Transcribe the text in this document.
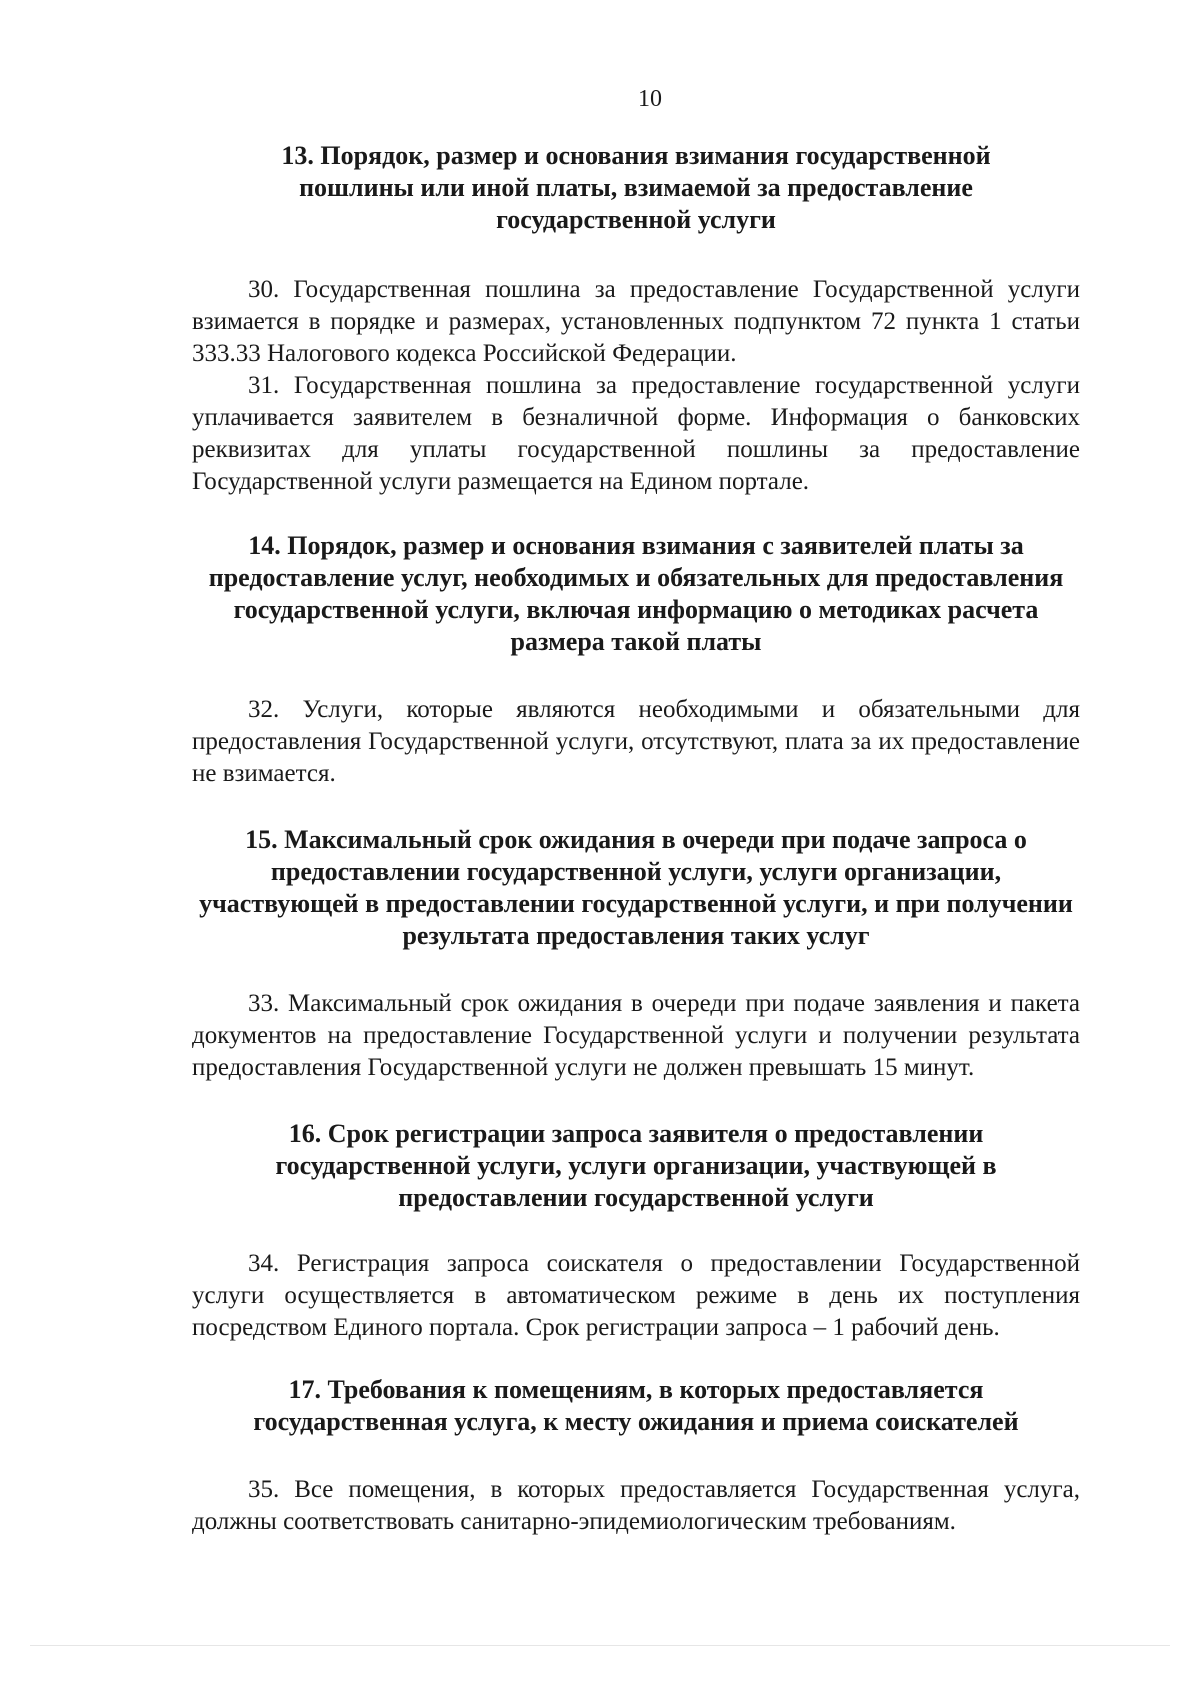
10

13. Порядок, размер и основания взимания государственной пошлины или иной платы, взимаемой за предоставление государственной услуги

30. Государственная пошлина за предоставление Государственной услуги взимается в порядке и размерах, установленных подпунктом 72 пункта 1 статьи 333.33 Налогового кодекса Российской Федерации.

31. Государственная пошлина за предоставление государственной услуги уплачивается заявителем в безналичной форме. Информация о банковских реквизитах для уплаты государственной пошлины за предоставление Государственной услуги размещается на Едином портале.

14. Порядок, размер и основания взимания с заявителей платы за предоставление услуг, необходимых и обязательных для предоставления государственной услуги, включая информацию о методиках расчета размера такой платы

32. Услуги, которые являются необходимыми и обязательными для предоставления Государственной услуги, отсутствуют, плата за их предоставление не взимается.

15. Максимальный срок ожидания в очереди при подаче запроса о предоставлении государственной услуги, услуги организации, участвующей в предоставлении государственной услуги, и при получении результата предоставления таких услуг

33. Максимальный срок ожидания в очереди при подаче заявления и пакета документов на предоставление Государственной услуги и получении результата предоставления Государственной услуги не должен превышать 15 минут.

16. Срок регистрации запроса заявителя о предоставлении государственной услуги, услуги организации, участвующей в предоставлении государственной услуги

34. Регистрация запроса соискателя о предоставлении Государственной услуги осуществляется в автоматическом режиме в день их поступления посредством Единого портала. Срок регистрации запроса – 1 рабочий день.

17. Требования к помещениям, в которых предоставляется государственная услуга, к месту ожидания и приема соискателей

35. Все помещения, в которых предоставляется Государственная услуга, должны соответствовать санитарно-эпидемиологическим требованиям.
